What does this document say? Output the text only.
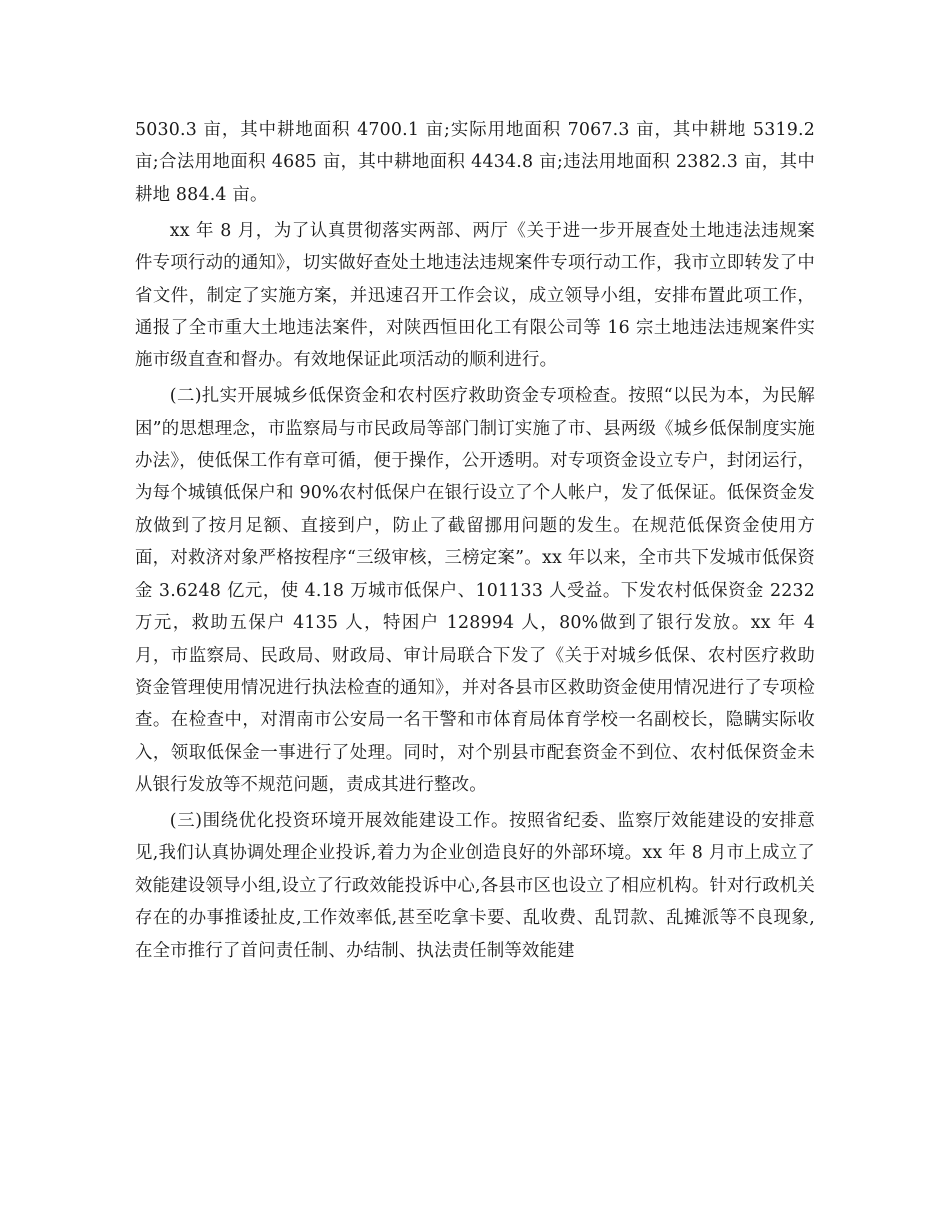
5030.3 亩，其中耕地面积 4700.1 亩;实际用地面积 7067.3 亩，其中耕地 5319.2 亩;合法用地面积 4685 亩，其中耕地面积 4434.8 亩;违法用地面积 2382.3 亩，其中耕地 884.4 亩。

xx 年 8 月，为了认真贯彻落实两部、两厅《关于进一步开展查处土地违法违规案件专项行动的通知》，切实做好查处土地违法违规案件专项行动工作，我市立即转发了中省文件，制定了实施方案，并迅速召开工作会议，成立领导小组，安排布置此项工作，通报了全市重大土地违法案件，对陕西恒田化工有限公司等 16 宗土地违法违规案件实施市级直查和督办。有效地保证此项活动的顺利进行。

(二)扎实开展城乡低保资金和农村医疗救助资金专项检查。按照“以民为本，为民解困”的思想理念，市监察局与市民政局等部门制订实施了市、县两级《城乡低保制度实施办法》，使低保工作有章可循，便于操作，公开透明。对专项资金设立专户，封闭运行，为每个城镇低保户和 90%农村低保户在银行设立了个人帐户，发了低保证。低保资金发放做到了按月足额、直接到户，防止了截留挪用问题的发生。在规范低保资金使用方面，对救济对象严格按程序“三级审核，三榜定案”。xx 年以来，全市共下发城市低保资金 3.6248 亿元，使 4.18 万城市低保户、101133 人受益。下发农村低保资金 2232 万元，救助五保户 4135 人，特困户 128994 人，80%做到了银行发放。xx 年 4 月，市监察局、民政局、财政局、审计局联合下发了《关于对城乡低保、农村医疗救助资金管理使用情况进行执法检查的通知》，并对各县市区救助资金使用情况进行了专项检查。在检查中，对渭南市公安局一名干警和市体育局体育学校一名副校长，隐瞒实际收入，领取低保金一事进行了处理。同时，对个别县市配套资金不到位、农村低保资金未从银行发放等不规范问题，责成其进行整改。

(三)围绕优化投资环境开展效能建设工作。按照省纪委、监察厅效能建设的安排意见,我们认真协调处理企业投诉,着力为企业创造良好的外部环境。xx 年 8 月市上成立了效能建设领导小组,设立了行政效能投诉中心,各县市区也设立了相应机构。针对行政机关存在的办事推诿扯皮,工作效率低,甚至吃拿卡要、乱收费、乱罚款、乱摊派等不良现象,在全市推行了首问责任制、办结制、执法责任制等效能建
